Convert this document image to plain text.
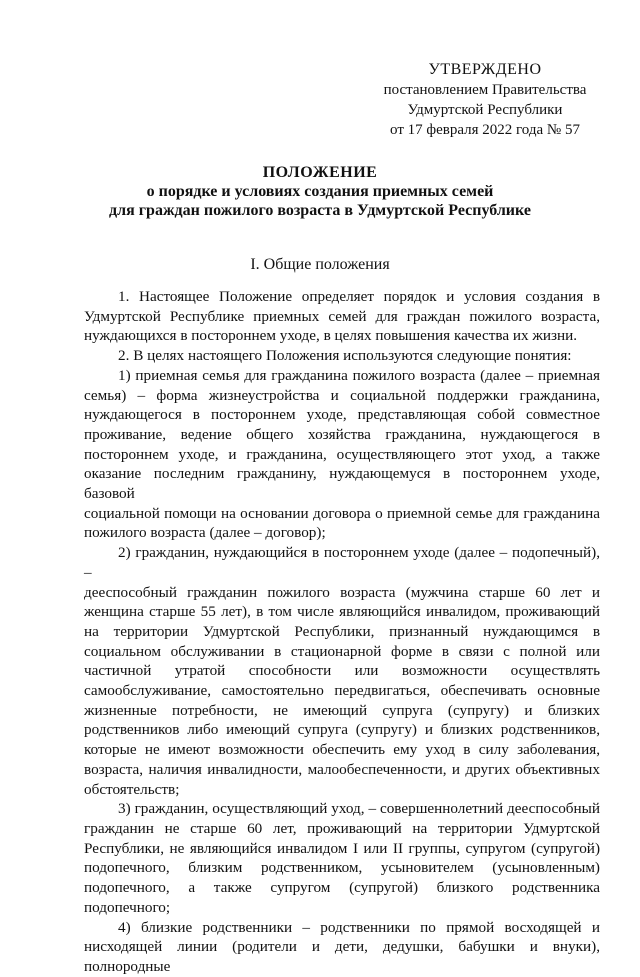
УТВЕРЖДЕНО
постановлением Правительства
Удмуртской Республики
от 17 февраля 2022 года № 57
ПОЛОЖЕНИЕ
о порядке и условиях создания приемных семей
для граждан пожилого возраста в Удмуртской Республике
I. Общие положения

1. Настоящее Положение определяет порядок и условия создания в

Удмуртской Республике приемных семей для граждан пожилого возраста,

нуждающихся в постороннем уходе, в целях повышения качества их жизни.

2. В целях настоящего Положения используются следующие понятия:

1) приемная семья для гражданина пожилого возраста (далее – приемная

семья) – форма жизнеустройства и социальной поддержки гражданина,

нуждающегося в постороннем уходе, представляющая собой совместное

проживание, ведение общего хозяйства гражданина, нуждающегося в

постороннем уходе, и гражданина, осуществляющего этот уход, а также

оказание последним гражданину, нуждающемуся в постороннем уходе, базовой

социальной помощи на основании договора о приемной семье для гражданина

пожилого возраста (далее – договор);

2) гражданин, нуждающийся в постороннем уходе (далее – подопечный), –

дееспособный гражданин пожилого возраста (мужчина старше 60 лет и

женщина старше 55 лет), в том числе являющийся инвалидом, проживающий

на территории Удмуртской Республики, признанный нуждающимся в

социальном обслуживании в стационарной форме в связи с полной или

частичной утратой способности или возможности осуществлять

самообслуживание, самостоятельно передвигаться, обеспечивать основные

жизненные потребности, не имеющий супруга (супругу) и близких

родственников либо имеющий супруга (супругу) и близких родственников,

которые не имеют возможности обеспечить ему уход в силу заболевания,

возраста, наличия инвалидности, малообеспеченности, и других объективных

обстоятельств;

3) гражданин, осуществляющий уход, – совершеннолетний дееспособный

гражданин не старше 60 лет, проживающий на территории Удмуртской

Республики, не являющийся инвалидом I или II группы, супругом (супругой)

подопечного, близким родственником, усыновителем (усыновленным)

подопечного, а также супругом (супругой) близкого родственника

подопечного;

4) близкие родственники – родственники по прямой восходящей и

нисходящей линии (родители и дети, дедушки, бабушки и внуки), полнородные
